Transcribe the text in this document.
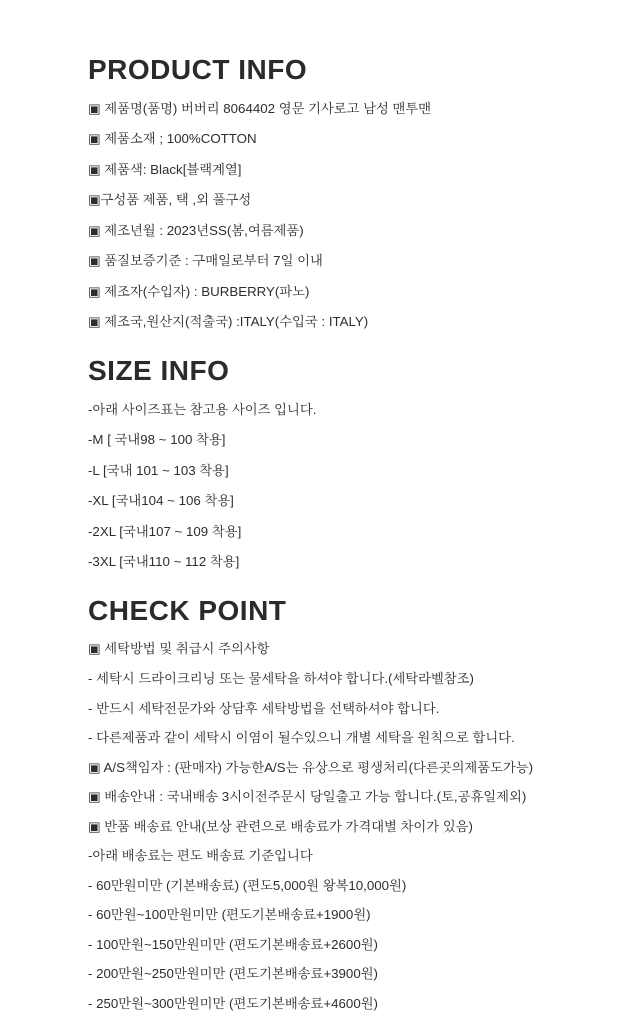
PRODUCT INFO
▣ 제품명(품명) 버버리 8064402 영문 기사로고 남성 맨투맨
▣ 제품소재 ; 100%COTTON
▣ 제품색: Black[블랙계열]
▣구성품 제품, 택 ,외 풀구성
▣ 제조년월 : 2023년SS(봄,여름제품)
▣ 품질보증기준 : 구매일로부터 7일 이내
▣ 제조자(수입자) : BURBERRY(파노)
▣ 제조국,원산지(적출국) :ITALY(수입국 : ITALY)
SIZE INFO
-아래 사이즈표는 참고용 사이즈 입니다.
-M [ 국내98 ~ 100 착용]
-L [국내 101 ~ 103 착용]
-XL [국내104 ~ 106 착용]
-2XL [국내107 ~ 109 착용]
-3XL [국내110 ~ 112 착용]
CHECK POINT
▣ 세탁방법 및 취급시 주의사항
- 세탁시 드라이크리닝 또는 물세탁을 하셔야 합니다.(세탁라벨참조)
- 반드시 세탁전문가와 상담후 세탁방법을 선택하셔야 합니다.
- 다른제품과 같이 세탁시 이염이 될수있으니 개별 세탁을 원칙으로 합니다.
▣ A/S책임자 : (판매자) 가능한A/S는 유상으로 평생처리(다른곳의제품도가능)
▣ 배송안내 : 국내배송 3시이전주문시 당일출고 가능 합니다.(토,공휴일제외)
▣ 반품 배송료 안내(보상 관련으로 배송료가 가격대별 차이가 있음)
-아래 배송료는 편도 배송료 기준입니다
- 60만원미만 (기본배송료) (편도5,000원 왕복10,000원)
- 60만원~100만원미만 (편도기본배송료+1900원)
- 100만원~150만원미만 (편도기본배송료+2600원)
- 200만원~250만원미만 (편도기본배송료+3900원)
- 250만원~300만원미만 (편도기본배송료+4600원)
